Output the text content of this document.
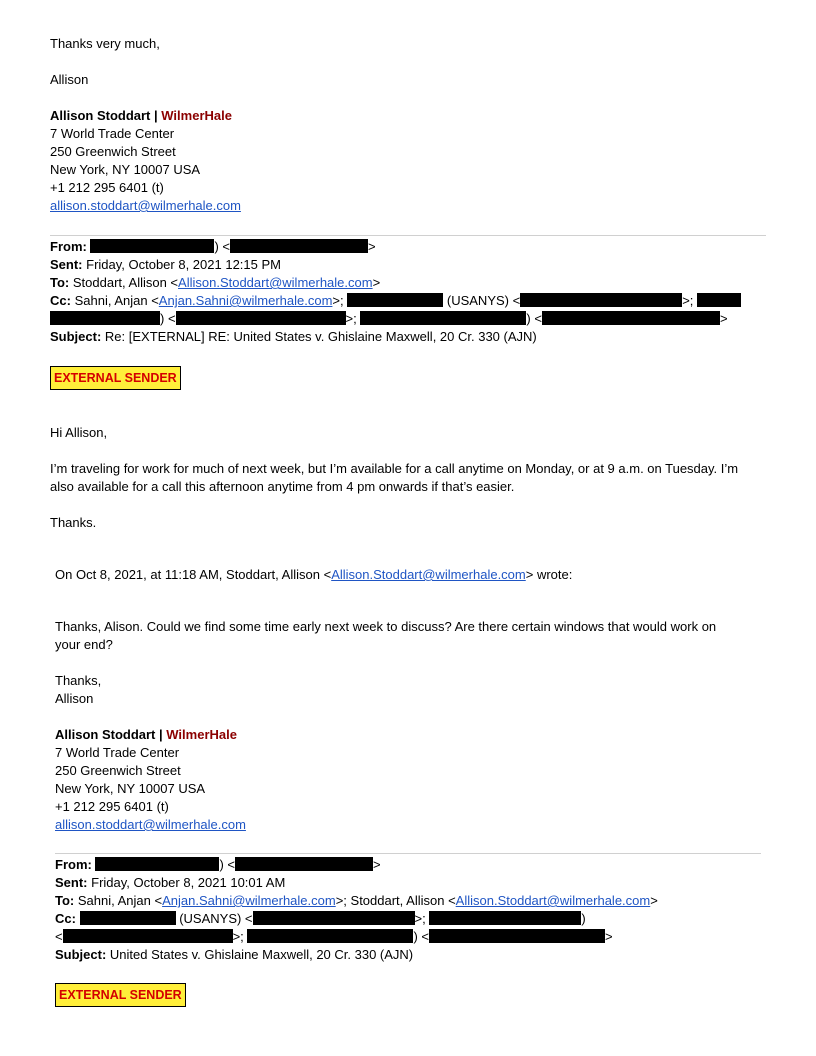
Thanks very much,
Allison
Allison Stoddart | WilmerHale
7 World Trade Center
250 Greenwich Street
New York, NY 10007 USA
+1 212 295 6401 (t)
allison.stoddart@wilmerhale.com
From:	) <	>
Sent: Friday, October 8, 2021 12:15 PM
To: Stoddart, Allison <Allison.Stoddart@wilmerhale.com>
Cc: Sahni, Anjan <Anjan.Sahni@wilmerhale.com>;	(USANYS) <	>;
) <	>;	) <	>
Subject: Re: [EXTERNAL] RE: United States v. Ghislaine Maxwell, 20 Cr. 330 (AJN)
EXTERNAL SENDER
Hi Allison,
I’m traveling for work for much of next week, but I’m available for a call anytime on Monday, or at 9 a.m. on Tuesday. I’m
also available for a call this afternoon anytime from 4 pm onwards if that’s easier.
Thanks.
On Oct 8, 2021, at 11:18 AM, Stoddart, Allison <Allison.Stoddart@wilmerhale.com> wrote:
Thanks, Alison. Could we find some time early next week to discuss? Are there certain windows that would work on
your end?
Thanks,
Allison
Allison Stoddart | WilmerHale
7 World Trade Center
250 Greenwich Street
New York, NY 10007 USA
+1 212 295 6401 (t)
allison.stoddart@wilmerhale.com
From:	) <	>
Sent: Friday, October 8, 2021 10:01 AM
To: Sahni, Anjan <Anjan.Sahni@wilmerhale.com>; Stoddart, Allison <Allison.Stoddart@wilmerhale.com>
Cc:	(USANYS) <	>;	)
<	>;	) <	>
Subject: United States v. Ghislaine Maxwell, 20 Cr. 330 (AJN)
EXTERNAL SENDER
